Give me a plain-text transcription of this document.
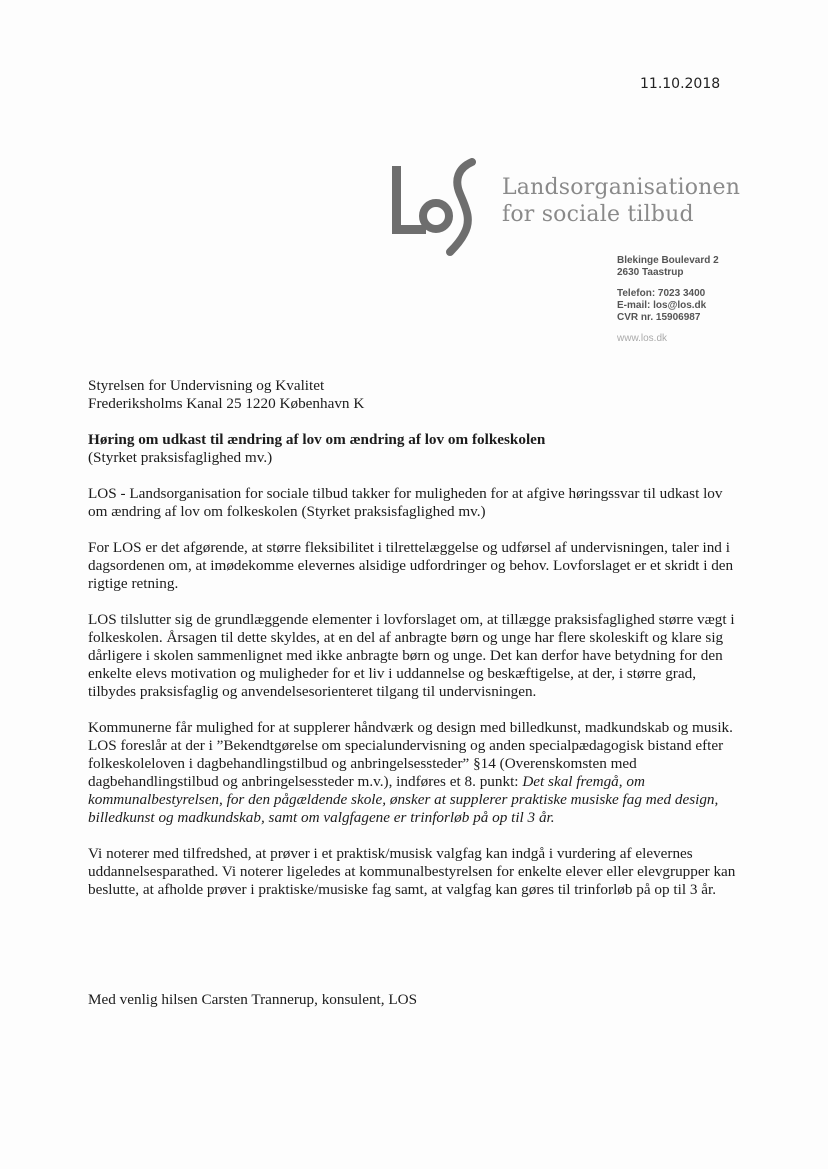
11.10.2018
Landsorganisationen
for sociale tilbud
Blekinge Boulevard 2
2630 Taastrup
Telefon: 7023 3400
E-mail: los@los.dk
CVR nr. 15906987
www.los.dk

Styrelsen for Undervisning og Kvalitet

Frederiksholms Kanal 25 1220 København K

Høring om udkast til ændring af lov om ændring af lov om folkeskolen

(Styrket praksisfaglighed mv.)

LOS - Landsorganisation for sociale tilbud takker for muligheden for at afgive høringssvar til udkast lov om ændring af lov om folkeskolen (Styrket praksisfaglighed mv.)

For LOS er det afgørende, at større fleksibilitet i tilrettelæggelse og udførsel af undervisningen, taler ind i dagsordenen om, at imødekomme elevernes alsidige udfordringer og behov. Lovforslaget er et skridt i den rigtige retning.

LOS tilslutter sig de grundlæggende elementer i lovforslaget om, at tillægge praksisfaglighed større vægt i folkeskolen. Årsagen til dette skyldes, at en del af anbragte børn og unge har flere skoleskift og klare sig dårligere i skolen sammenlignet med ikke anbragte børn og unge. Det kan derfor have betydning for den enkelte elevs motivation og muligheder for et liv i uddannelse og beskæftigelse, at der, i større grad, tilbydes praksisfaglig og anvendelsesorienteret tilgang til undervisningen.

Kommunerne får mulighed for at supplerer håndværk og design med billedkunst, madkundskab og musik. LOS foreslår at der i ”Bekendtgørelse om specialundervisning og anden specialpædagogisk bistand efter folkeskoleloven i dagbehandlingstilbud og anbringelsessteder” §14 (Overenskomsten med dagbehandlingstilbud og anbringelsessteder m.v.), indføres et 8. punkt: Det skal fremgå, om kommunalbestyrelsen, for den pågældende skole, ønsker at supplerer praktiske musiske fag med design, billedkunst og madkundskab, samt om valgfagene er trinforløb på op til 3 år.

Vi noterer med tilfredshed, at prøver i et praktisk/musisk valgfag kan indgå i vurdering af elevernes uddannelsesparathed. Vi noterer ligeledes at kommunalbestyrelsen for enkelte elever eller elevgrupper kan beslutte, at afholde prøver i praktiske/musiske fag samt, at valgfag kan gøres til trinforløb på op til 3 år.

Med venlig hilsen Carsten Trannerup, konsulent, LOS
